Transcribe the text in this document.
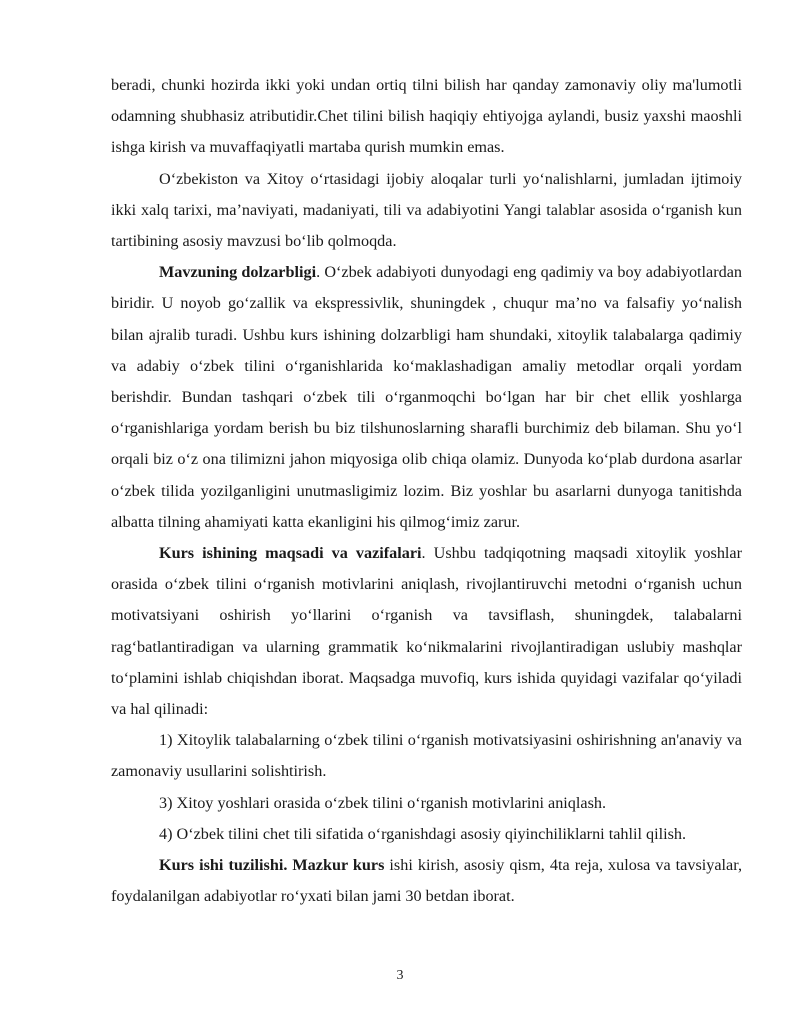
beradi, chunki hozirda ikki yoki undan ortiq tilni bilish har qanday zamonaviy oliy ma'lumotli odamning shubhasiz atributidir.Chet tilini bilish haqiqiy ehtiyojga aylandi, busiz yaxshi maoshli ishga kirish va muvaffaqiyatli martaba qurish mumkin emas.

O‘zbekiston va Xitoy o‘rtasidagi ijobiy aloqalar turli yo‘nalishlarni, jumladan ijtimoiy ikki xalq tarixi, ma’naviyati, madaniyati, tili va adabiyotini Yangi talablar asosida o‘rganish kun tartibining asosiy mavzusi bo‘lib qolmoqda.

Mavzuning dolzarbligi. O‘zbek adabiyoti dunyodagi eng qadimiy va boy adabiyotlardan biridir. U noyob go‘zallik va ekspressivlik, shuningdek , chuqur ma’no va falsafiy yo‘nalish bilan ajralib turadi. Ushbu kurs ishining dolzarbligi ham shundaki, xitoylik talabalarga qadimiy va adabiy o‘zbek tilini o‘rganishlarida ko‘maklashadigan amaliy metodlar orqali yordam berishdir. Bundan tashqari o‘zbek tili o‘rganmoqchi bo‘lgan har bir chet ellik yoshlarga o‘rganishlariga yordam berish bu biz tilshunoslarning sharafli burchimiz deb bilaman. Shu yo‘l orqali biz o‘z ona tilimizni jahon miqyosiga olib chiqa olamiz. Dunyoda ko‘plab durdona asarlar o‘zbek tilida yozilganligini unutmasligimiz lozim. Biz yoshlar bu asarlarni dunyoga tanitishda albatta tilning ahamiyati katta ekanligini his qilmog‘imiz zarur.

Kurs ishining maqsadi va vazifalari. Ushbu tadqiqotning maqsadi xitoylik yoshlar orasida o‘zbek tilini o‘rganish motivlarini aniqlash, rivojlantiruvchi metodni o‘rganish uchun motivatsiyani oshirish yo‘llarini o‘rganish va tavsiflash, shuningdek, talabalarni rag‘batlantiradigan va ularning grammatik ko‘nikmalarini rivojlantiradigan uslubiy mashqlar to‘plamini ishlab chiqishdan iborat. Maqsadga muvofiq, kurs ishida quyidagi vazifalar qo‘yiladi va hal qilinadi:

1) Xitoylik talabalarning o‘zbek tilini o‘rganish motivatsiyasini oshirishning an'anaviy va zamonaviy usullarini solishtirish.

3) Xitoy yoshlari orasida o‘zbek tilini o‘rganish motivlarini aniqlash.

4) O‘zbek tilini chet tili sifatida o‘rganishdagi asosiy qiyinchiliklarni tahlil qilish.

Kurs ishi tuzilishi. Mazkur kurs ishi kirish, asosiy qism, 4ta reja, xulosa va tavsiyalar, foydalanilgan adabiyotlar ro‘yxati bilan jami 30 betdan iborat.

3
